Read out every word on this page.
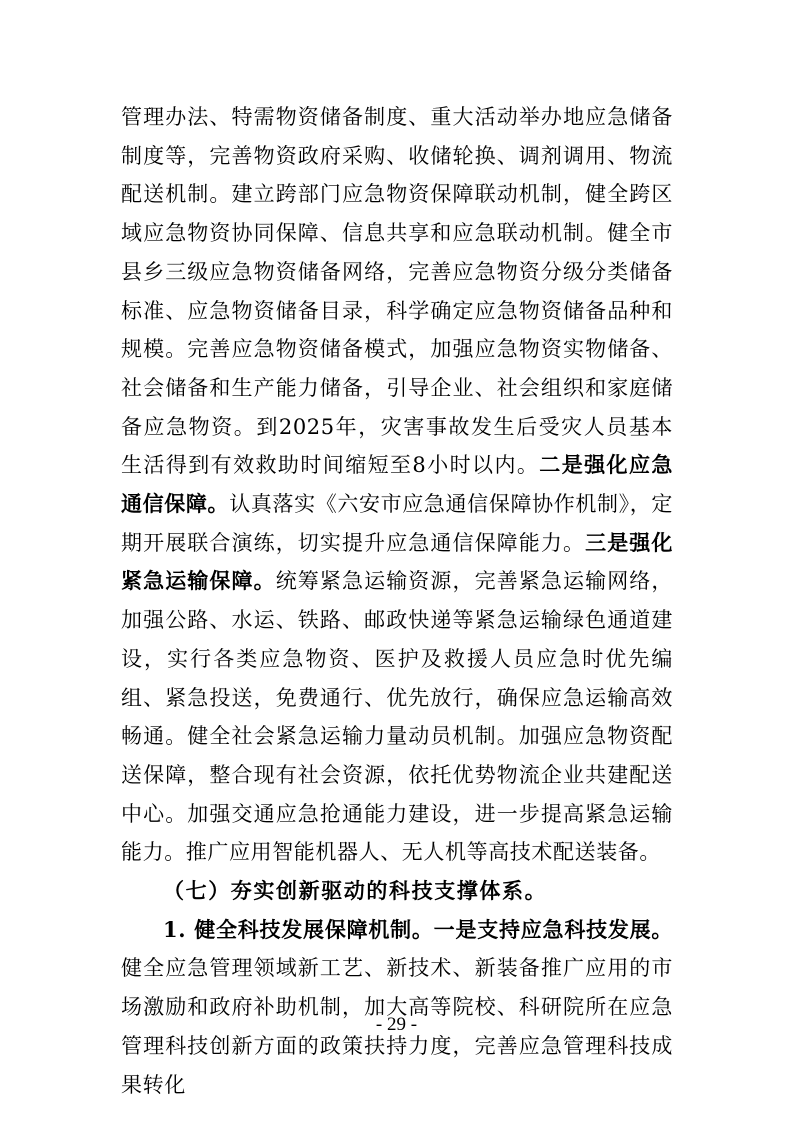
管理办法、特需物资储备制度、重大活动举办地应急储备制度等，完善物资政府采购、收储轮换、调剂调用、物流配送机制。建立跨部门应急物资保障联动机制，健全跨区域应急物资协同保障、信息共享和应急联动机制。健全市县乡三级应急物资储备网络，完善应急物资分级分类储备标准、应急物资储备目录，科学确定应急物资储备品种和规模。完善应急物资储备模式，加强应急物资实物储备、社会储备和生产能力储备，引导企业、社会组织和家庭储备应急物资。到2025年，灾害事故发生后受灾人员基本生活得到有效救助时间缩短至8小时以内。二是强化应急通信保障。认真落实《六安市应急通信保障协作机制》，定期开展联合演练，切实提升应急通信保障能力。三是强化紧急运输保障。统筹紧急运输资源，完善紧急运输网络，加强公路、水运、铁路、邮政快递等紧急运输绿色通道建设，实行各类应急物资、医护及救援人员应急时优先编组、紧急投送，免费通行、优先放行，确保应急运输高效畅通。健全社会紧急运输力量动员机制。加强应急物资配送保障，整合现有社会资源，依托优势物流企业共建配送中心。加强交通应急抢通能力建设，进一步提高紧急运输能力。推广应用智能机器人、无人机等高技术配送装备。

（七）夯实创新驱动的科技支撑体系。

1. 健全科技发展保障机制。一是支持应急科技发展。健全应急管理领域新工艺、新技术、新装备推广应用的市场激励和政府补助机制，加大高等院校、科研院所在应急管理科技创新方面的政策扶持力度，完善应急管理科技成果转化

- 29 -
